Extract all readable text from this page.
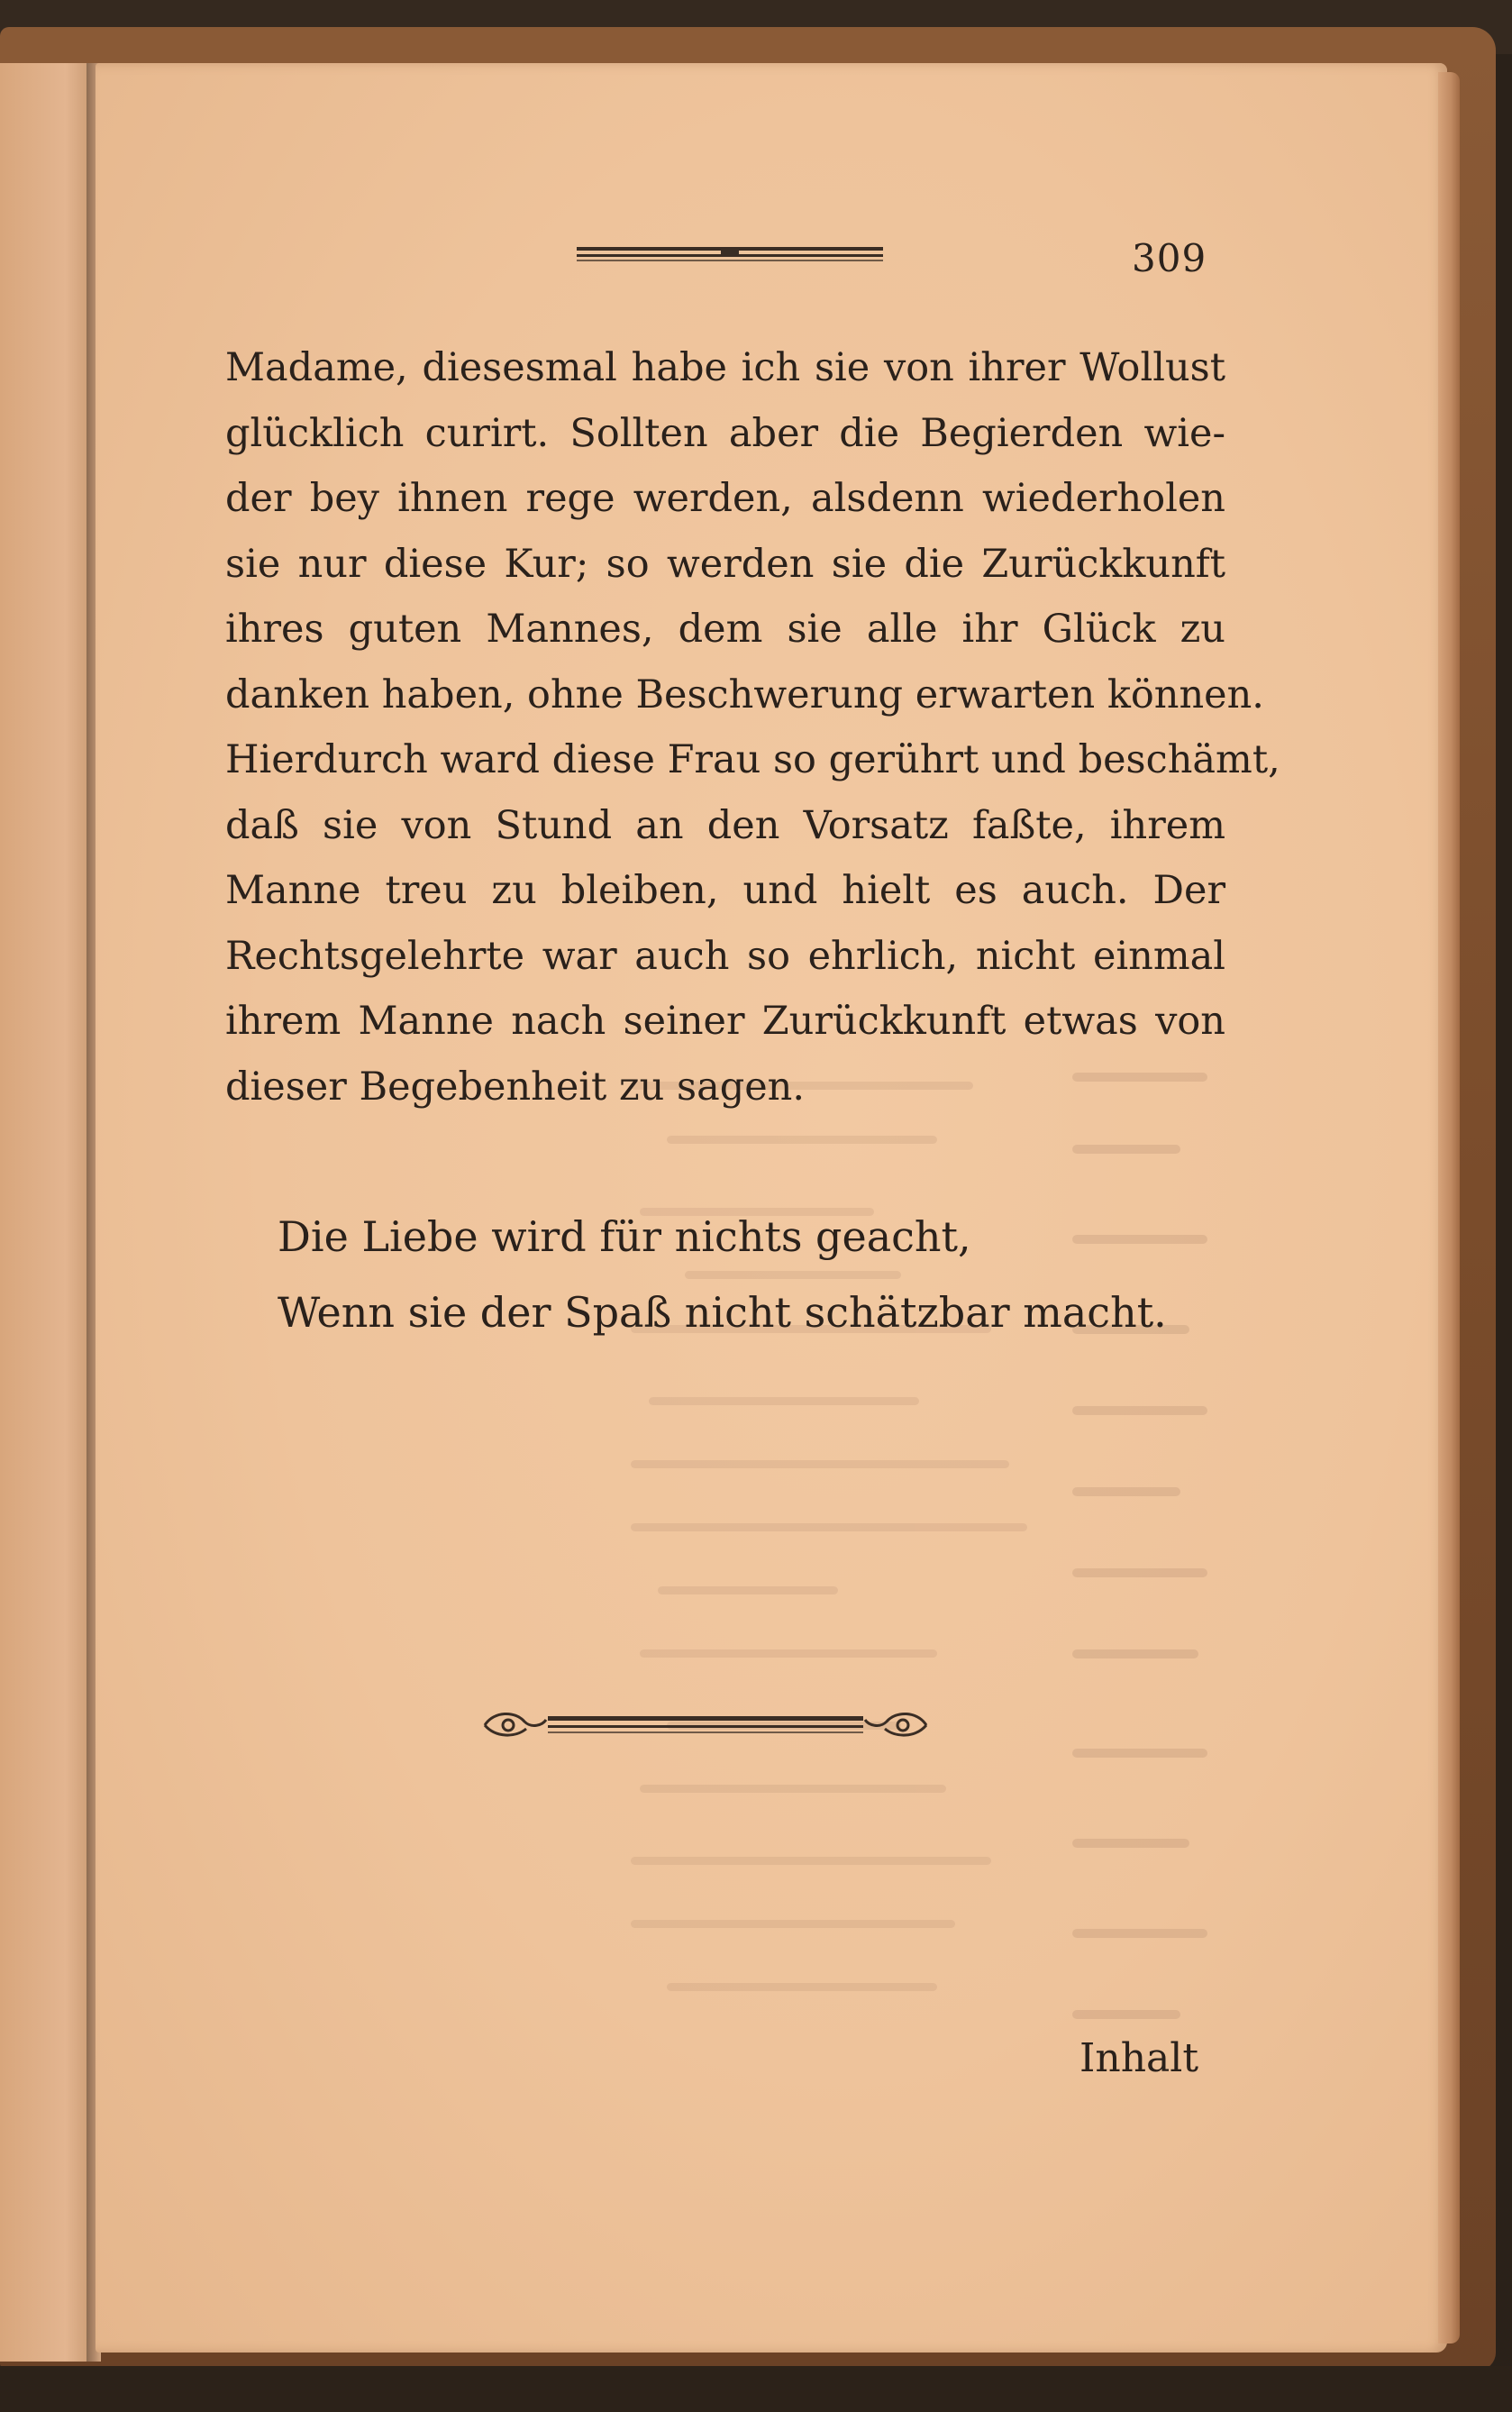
309

Madame, diesesmal habe ich sie von ihrer Wollust
glücklich curirt. Sollten aber die Begierden wie-
der bey ihnen rege werden, alsdenn wiederholen
sie nur diese Kur; so werden sie die Zurückkunft
ihres guten Mannes, dem sie alle ihr Glück zu
danken haben, ohne Beschwerung erwarten können.
Hierdurch ward diese Frau so gerührt und beschämt,
daß sie von Stund an den Vorsatz faßte, ihrem
Manne treu zu bleiben, und hielt es auch. Der
Rechtsgelehrte war auch so ehrlich, nicht einmal
ihrem Manne nach seiner Zurückkunft etwas von
dieser Begebenheit zu sagen.

Die Liebe wird für nichts geacht,
Wenn sie der Spaß nicht schätzbar macht.
Inhalt
